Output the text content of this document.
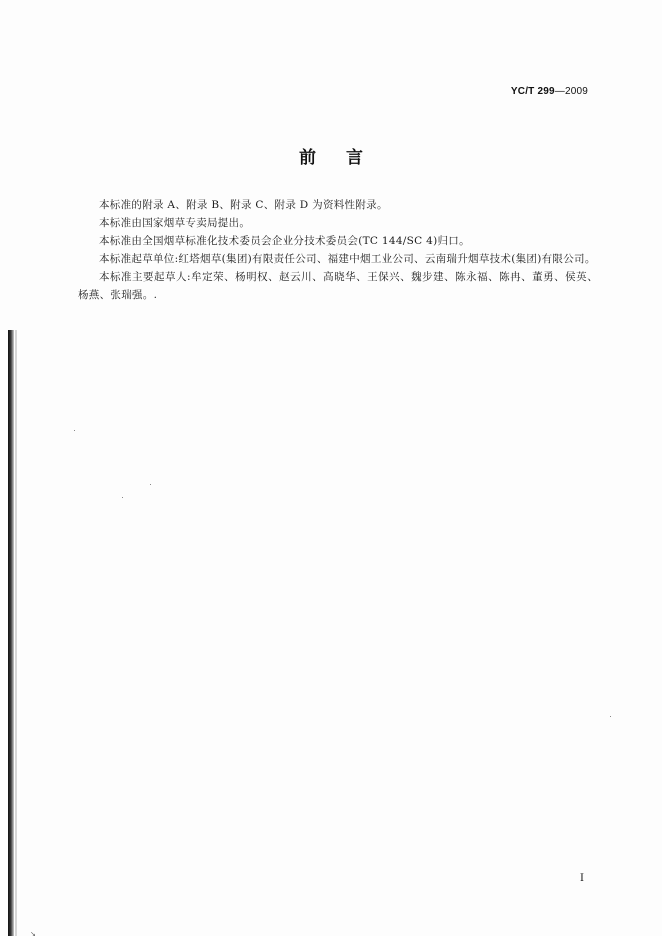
YC/T 299—2009
前言

本标准的附录 A、附录 B、附录 C、附录 D 为资料性附录。

本标准由国家烟草专卖局提出。

本标准由全国烟草标准化技术委员会企业分技术委员会(TC 144/SC 4)归口。

本标准起草单位:红塔烟草(集团)有限责任公司、福建中烟工业公司、云南瑞升烟草技术(集团)有限公司。

本标准主要起草人:牟定荣、杨明权、赵云川、高晓华、王保兴、魏步建、陈永福、陈冉、董勇、侯英、杨燕、张瑞强。.

I
↘
